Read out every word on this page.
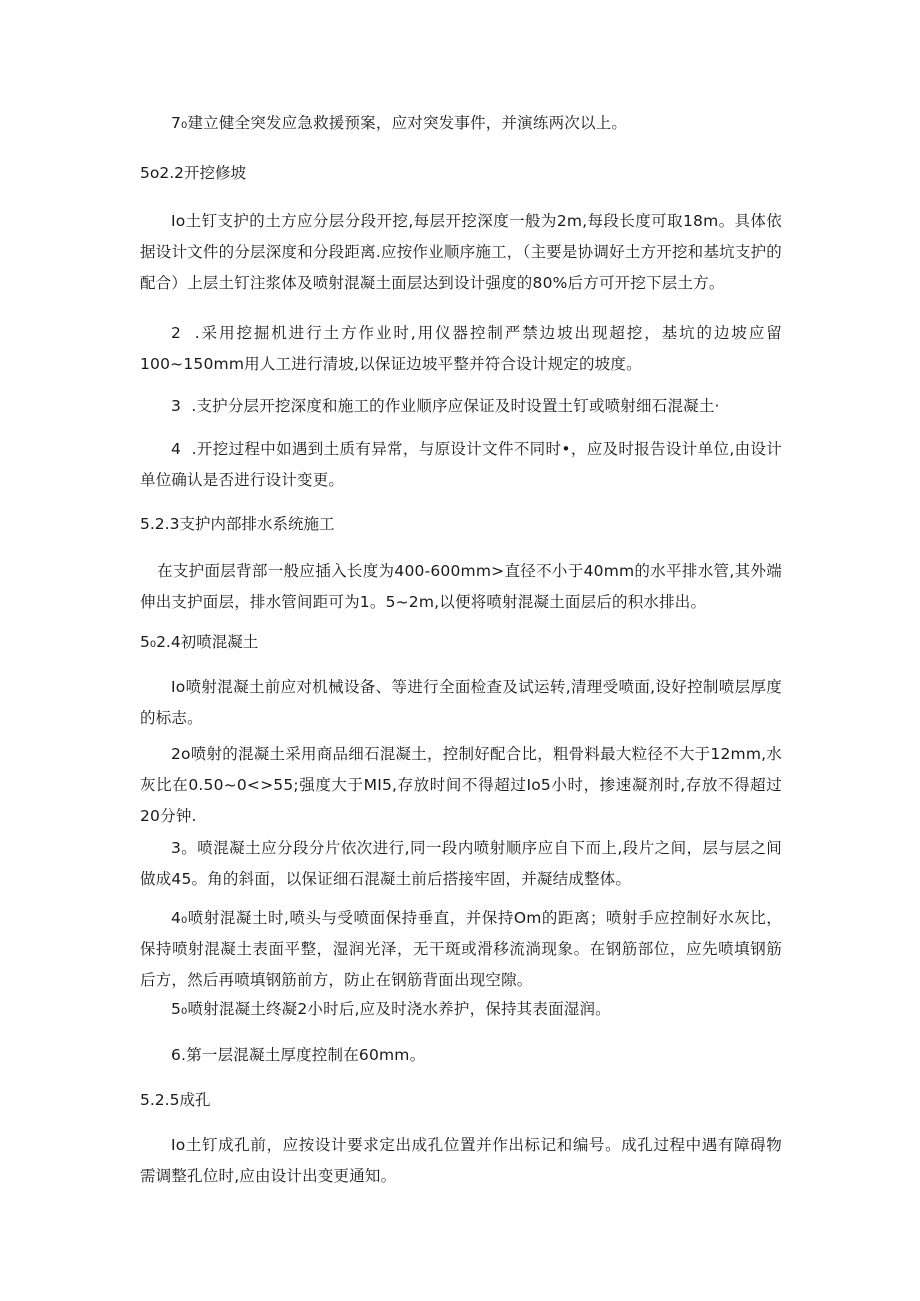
7₀建立健全突发应急救援预案，应对突发事件，并演练两次以上。

5o2.2开挖修坡

Io土钉支护的土方应分层分段开挖,每层开挖深度一般为2m,每段长度可取18m。具体依据设计文件的分层深度和分段距离.应按作业顺序施工，（主要是协调好土方开挖和基坑支护的配合）上层土钉注浆体及喷射混凝土面层达到设计强度的80%后方可开挖下层土方。

2  .采用挖掘机进行土方作业时,用仪器控制严禁边坡出现超挖，基坑的边坡应留100~150mm用人工进行清坡,以保证边坡平整并符合设计规定的坡度。

3  .支护分层开挖深度和施工的作业顺序应保证及时设置土钉或喷射细石混凝土·

4  .开挖过程中如遇到土质有异常，与原设计文件不同时•，应及时报告设计单位,由设计单位确认是否进行设计变更。

5.2.3支护内部排水系统施工

在支护面层背部一般应插入长度为400-600mm>直径不小于40mm的水平排水管,其外端伸出支护面层，排水管间距可为1。5~2m,以便将喷射混凝土面层后的积水排出。

5₀2.4初喷混凝土

Io喷射混凝土前应对机械设备、等进行全面检查及试运转,清理受喷面,设好控制喷层厚度的标志。

2o喷射的混凝土采用商品细石混凝土，控制好配合比，粗骨料最大粒径不大于12mm,水灰比在0.50~0<>55;强度大于MI5,存放时间不得超过Io5小时，掺速凝剂时,存放不得超过20分钟.

3。喷混凝土应分段分片依次进行,同一段内喷射顺序应自下而上,段片之间，层与层之间做成45。角的斜面，以保证细石混凝土前后搭接牢固，并凝结成整体。

4₀喷射混凝土时,喷头与受喷面保持垂直，并保持Om的距离；喷射手应控制好水灰比，保持喷射混凝土表面平整，湿润光泽，无干斑或滑移流淌现象。在钢筋部位，应先喷填钢筋后方，然后再喷填钢筋前方，防止在钢筋背面出现空隙。

5₀喷射混凝土终凝2小时后,应及时浇水养护，保持其表面湿润。

6.第一层混凝土厚度控制在60mm。

5.2.5成孔

Io土钉成孔前，应按设计要求定出成孔位置并作出标记和编号。成孔过程中遇有障碍物需调整孔位时,应由设计出变更通知。
